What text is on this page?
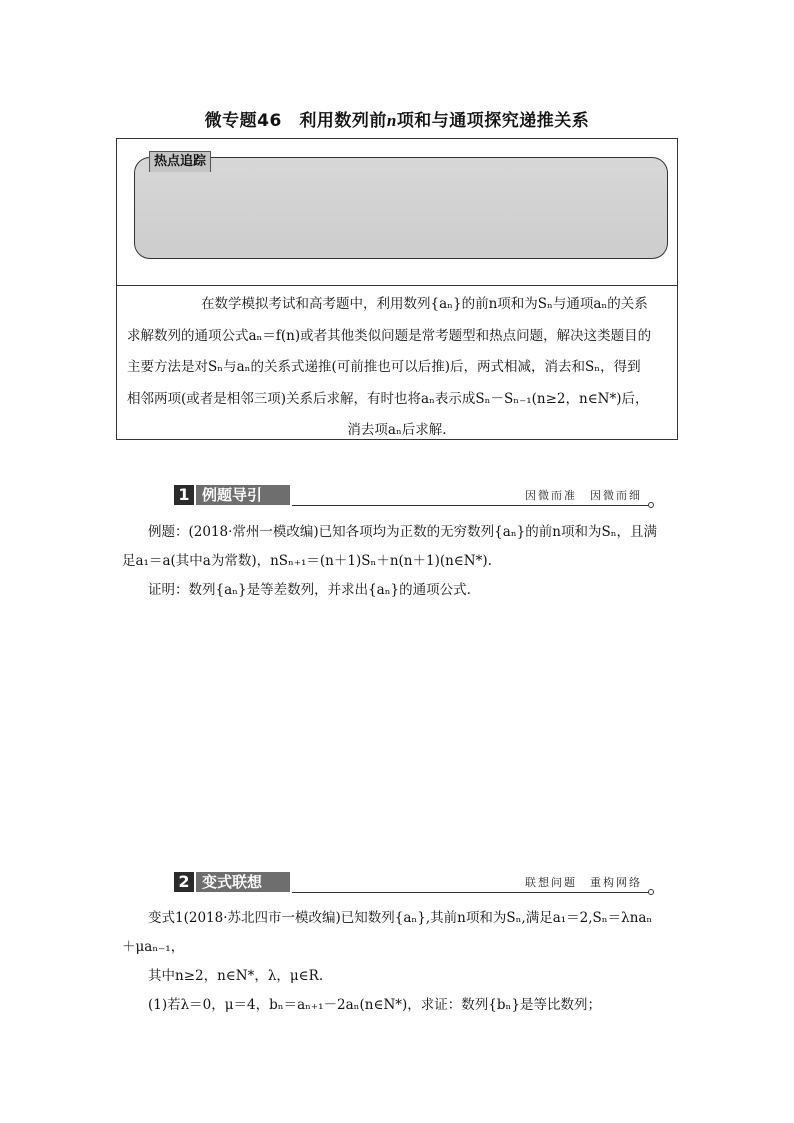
微专题46　利用数列前n项和与通项探究递推关系
热点追踪

在数学模拟考试和高考题中，利用数列{aₙ}的前n项和为Sₙ与通项aₙ的关系

求解数列的通项公式aₙ＝f(n)或者其他类似问题是常考题型和热点问题，解决这类题目的

主要方法是对Sₙ与aₙ的关系式递推(可前推也可以后推)后，两式相减，消去和Sₙ，得到

相邻两项(或者是相邻三项)关系后求解，有时也将aₙ表示成Sₙ－Sₙ₋₁(n≥2，n∈N*)后，

消去项aₙ后求解.

1 例题导引	因微而准　因微而细

例题：(2018·常州一模改编)已知各项均为正数的无穷数列{aₙ}的前n项和为Sₙ，且满

足a₁＝a(其中a为常数)，nSₙ₊₁＝(n＋1)Sₙ＋n(n＋1)(n∈N*).

证明：数列{aₙ}是等差数列，并求出{aₙ}的通项公式.

2 变式联想	联想问题　重构网络

变式1(2018·苏北四市一模改编)已知数列{aₙ},其前n项和为Sₙ,满足a₁＝2,Sₙ＝λnaₙ

＋μaₙ₋₁，

其中n≥2，n∈N*，λ，μ∈R.

(1)若λ＝0，μ＝4，bₙ＝aₙ₊₁－2aₙ(n∈N*)，求证：数列{bₙ}是等比数列；
